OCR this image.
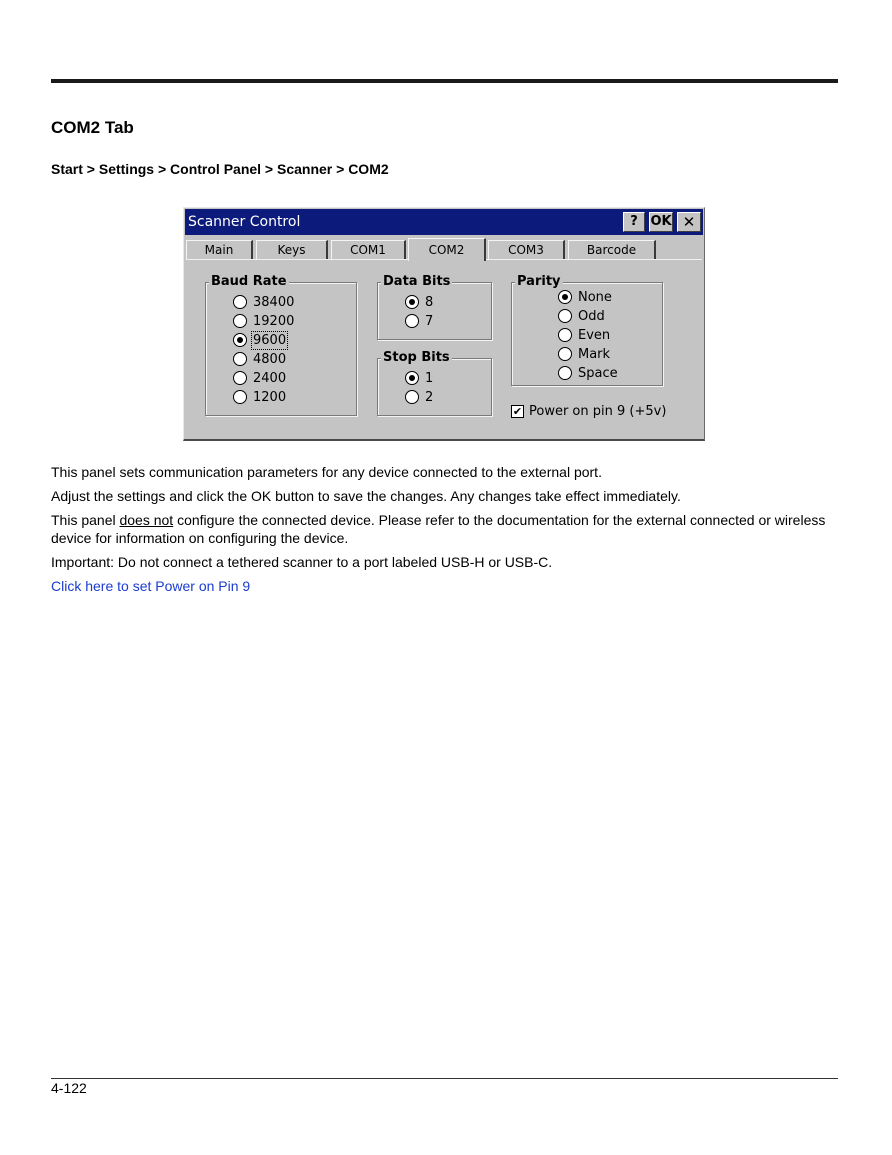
COM2 Tab
Start > Settings > Control Panel > Scanner > COM2
Scanner Control	? OK ✕
Main	Keys	COM1	COM2	COM3	Barcode
Baud Rate
38400
19200
9600
4800
2400
1200
Data Bits
8
7
Stop Bits
1
2
Parity
None
Odd
Even
Mark
Space
✔ Power on pin 9 (+5v)
This panel sets communication parameters for any device connected to the external port.
Adjust the settings and click the OK button to save the changes. Any changes take effect immediately.
This panel does not configure the connected device. Please refer to the documentation for the external connected or wireless
device for information on configuring the device.
Important: Do not connect a tethered scanner to a port labeled USB-H or USB-C.
Click here to set Power on Pin 9
4-122
